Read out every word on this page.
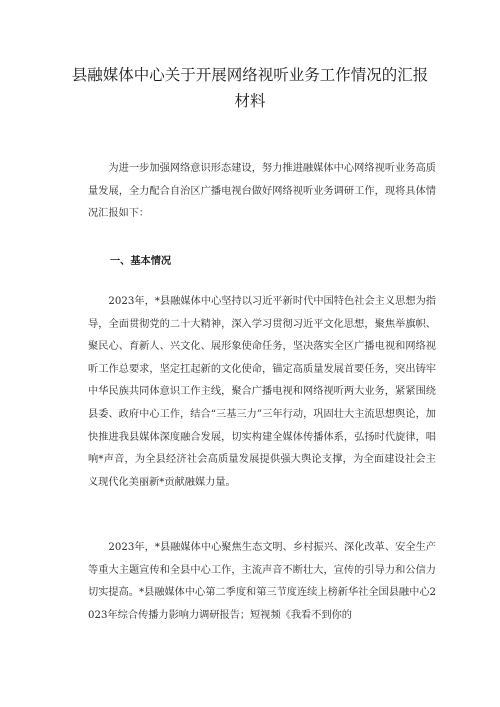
县融媒体中心关于开展网络视听业务工作情况的汇报
材料

为进一步加强网络意识形态建设，努力推进融媒体中心网络视听业务高质量发展，全力配合自治区广播电视台做好网络视听业务调研工作，现将具体情况汇报如下：

一、基本情况

2023年，*县融媒体中心坚持以习近平新时代中国特色社会主义思想为指导，全面贯彻党的二十大精神，深入学习贯彻习近平文化思想，聚焦举旗帜、聚民心、育新人、兴文化、展形象使命任务，坚决落实全区广播电视和网络视听工作总要求，坚定扛起新的文化使命，锚定高质量发展首要任务，突出铸牢中华民族共同体意识工作主线，聚合广播电视和网络视听两大业务，紧紧围绕县委、政府中心工作，结合“三基三力”三年行动，巩固壮大主流思想舆论，加快推进我县媒体深度融合发展，切实构建全媒体传播体系，弘扬时代旋律，唱响*声音，为全县经济社会高质量发展提供强大舆论支撑，为全面建设社会主义现代化美丽新*贡献融媒力量。

2023年，*县融媒体中心聚焦生态文明、乡村振兴、深化改革、安全生产等重大主题宣传和全县中心工作，主流声音不断壮大，宣传的引导力和公信力切实提高。*县融媒体中心第二季度和第三节度连续上榜新华社全国县融中心2023年综合传播力影响力调研报告；短视频《我看不到你的
